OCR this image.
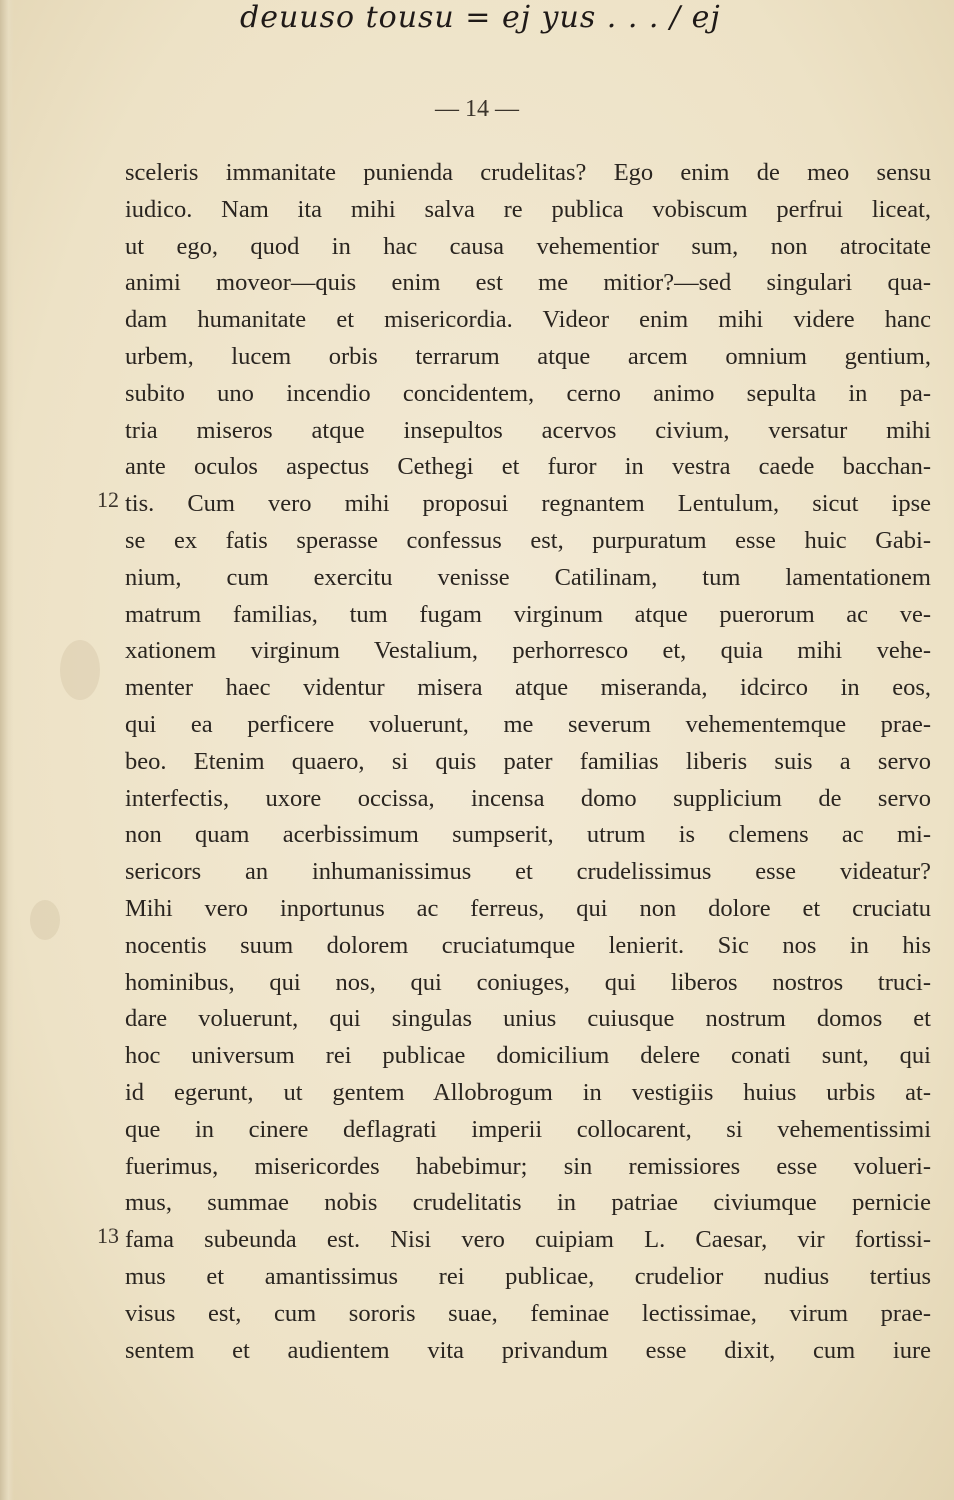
deuuso tousu = ej yus . . . / ej
— 14 —
12
13
sceleris immanitate punienda crudelitas? Ego enim de meo sensu
iudico. Nam ita mihi salva re publica vobiscum perfrui liceat,
ut ego, quod in hac causa vehementior sum, non atrocitate
animi moveor—quis enim est me mitior?—sed singulari qua-
dam humanitate et misericordia. Videor enim mihi videre hanc
urbem, lucem orbis terrarum atque arcem omnium gentium,
subito uno incendio concidentem, cerno animo sepulta in pa-
tria miseros atque insepultos acervos civium, versatur mihi
ante oculos aspectus Cethegi et furor in vestra caede bacchan-
tis. Cum vero mihi proposui regnantem Lentulum, sicut ipse
se ex fatis sperasse confessus est, purpuratum esse huic Gabi-
nium, cum exercitu venisse Catilinam, tum lamentationem
matrum familias, tum fugam virginum atque puerorum ac ve-
xationem virginum Vestalium, perhorresco et, quia mihi vehe-
menter haec videntur misera atque miseranda, idcirco in eos,
qui ea perficere voluerunt, me severum vehementemque prae-
beo. Etenim quaero, si quis pater familias liberis suis a servo
interfectis, uxore occissa, incensa domo supplicium de servo
non quam acerbissimum sumpserit, utrum is clemens ac mi-
sericors an inhumanissimus et crudelissimus esse videatur?
Mihi vero inportunus ac ferreus, qui non dolore et cruciatu
nocentis suum dolorem cruciatumque lenierit. Sic nos in his
hominibus, qui nos, qui coniuges, qui liberos nostros truci-
dare voluerunt, qui singulas unius cuiusque nostrum domos et
hoc universum rei publicae domicilium delere conati sunt, qui
id egerunt, ut gentem Allobrogum in vestigiis huius urbis at-
que in cinere deflagrati imperii collocarent, si vehementissimi
fuerimus, misericordes habebimur; sin remissiores esse volueri-
mus, summae nobis crudelitatis in patriae civiumque pernicie
fama subeunda est. Nisi vero cuipiam L. Caesar, vir fortissi-
mus et amantissimus rei publicae, crudelior nudius tertius
visus est, cum sororis suae, feminae lectissimae, virum prae-
sentem et audientem vita privandum esse dixit, cum iure
